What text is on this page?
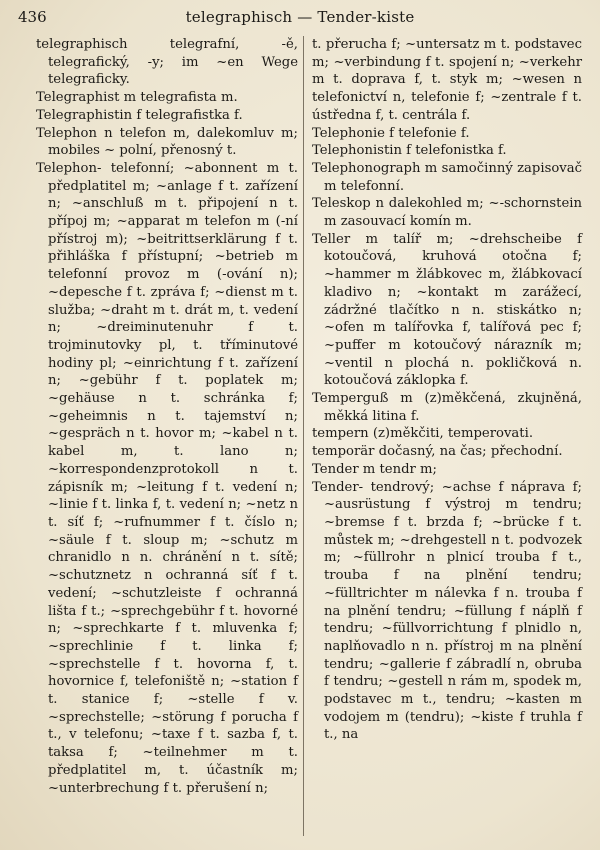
436	telegraphisch — Tender-kiste

telegraphisch telegrafní, -ě, telegrafický, -y; im ~en Wege telegraficky.

Telegraphist m telegrafista m.

Telegraphistin f telegrafistka f.

Telephon n telefon m, dalekomluv m; mobiles ~ polní, přenosný t.

Telephon- telefonní; ~abonnent m t. předplatitel m; ~anlage f t. zařízení n; ~anschluß m t. připojení n t. přípoj m; ~apparat m telefon m (-ní přístroj m); ~beitrittserklärung f t. přihláška f přístupní; ~betrieb m telefonní provoz m (-ování n); ~depesche f t. zpráva f; ~dienst m t. služba; ~draht m t. drát m, t. vedení n; ~dreiminutenuhr f t. trojminutovky pl, t. tříminutové hodiny pl; ~einrichtung f t. zařízení n; ~gebühr f t. poplatek m; ~gehäuse n t. schránka f; ~geheimnis n t. tajemství n; ~gespräch n t. hovor m; ~kabel n t. kabel m, t. lano n; ~korrespondenzprotokoll n t. zápisník m; ~leitung f t. vedení n; ~linie f t. linka f, t. vedení n; ~netz n t. síť f; ~rufnummer f t. číslo n; ~säule f t. sloup m; ~schutz m chranidlo n n. chránění n t. sítě; ~schutznetz n ochranná síť f t. vedení; ~schutzleiste f ochranná lišta f t.; ~sprechgebühr f t. hovorné n; ~sprechkarte f t. mluvenka f; ~sprechlinie f t. linka f; ~sprechstelle f t. hovorna f, t. hovornice f, telefoniště n; ~station f t. stanice f; ~stelle f v. ~sprechstelle; ~störung f porucha f t., v telefonu; ~taxe f t. sazba f, t. taksa f; ~teilnehmer m t. předplatitel m, t. účastník m; ~unterbrechung f t. přerušení n;

t. přerucha f; ~untersatz m t. podstavec m; ~verbindung f t. spojení n; ~verkehr m t. doprava f, t. styk m; ~wesen n telefonictví n, telefonie f; ~zentrale f t. ústředna f, t. centrála f.

Telephonie f telefonie f.

Telephonistin f telefonistka f.

Telephonograph m samočinný zapisovač m telefonní.

Teleskop n dalekohled m; ~-schornstein m zasouvací komín m.

Teller m talíř m; ~drehscheibe f kotoučová, kruhová otočna f; ~hammer m žlábkovec m, žlábkovací kladivo n; ~kontakt m zarážecí, zádržné tlačítko n n. stiskátko n; ~ofen m talířovka f, talířová pec f; ~puffer m kotoučový nárazník m; ~ventil n plochá n. pokličková n. kotoučová záklopka f.

Temperguß m (z)měkčená, zkujněná, měkká litina f.

tempern (z)měkčiti, temperovati.

temporär dočasný, na čas; přechodní.

Tender m tendr m;

Tender- tendrový; ~achse f náprava f; ~ausrüstung f výstroj m tendru; ~bremse f t. brzda f; ~brücke f t. můstek m; ~drehgestell n t. podvozek m; ~füllrohr n plnicí trouba f t., trouba f na plnění tendru; ~fülltrichter m nálevka f n. trouba f na plnění tendru; ~füllung f náplň f tendru; ~füllvorrichtung f plnidlo n, naplňovadlo n n. přístroj m na plnění tendru; ~gallerie f zábradlí n, obruba f tendru; ~gestell n rám m, spodek m, podstavec m t., tendru; ~kasten m vodojem m (tendru); ~kiste f truhla f t., na
